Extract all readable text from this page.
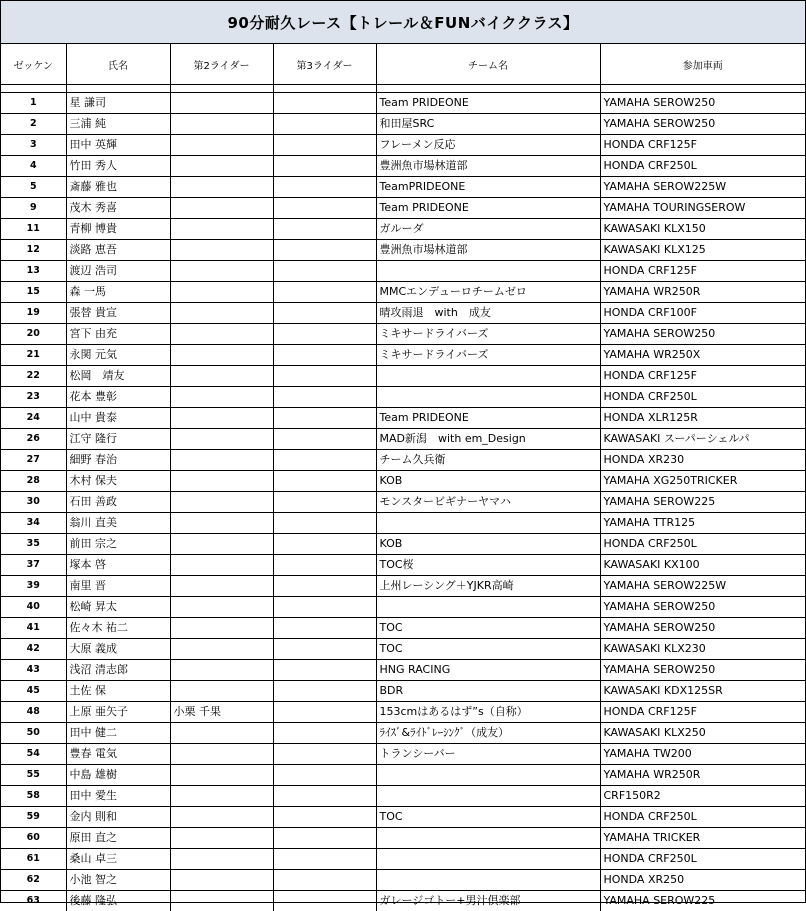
90分耐久レース【トレール＆FUNバイククラス】
ゼッケン	氏名	第2ライダー	第3ライダー	チーム名	参加車両

1	星 謙司			Team PRIDEONE	YAMAHA SEROW250
2	三浦 純			和田屋SRC	YAMAHA SEROW250
3	田中 英輝			フレーメン反応	HONDA CRF125F
4	竹田 秀人			豊洲魚市場林道部	HONDA CRF250L
5	斎藤 雅也			TeamPRIDEONE	YAMAHA SEROW225W
9	茂木 秀喜			Team PRIDEONE	YAMAHA TOURINGSEROW
11	青柳 博貴			ガルーダ	KAWASAKI KLX150
12	淡路 恵吾			豊洲魚市場林道部	KAWASAKI KLX125
13	渡辺 浩司				HONDA CRF125F
15	森 一馬			MMCエンデューロチームゼロ	YAMAHA WR250R
19	張替 貴宣			晴攻雨退　with　成友	HONDA CRF100F
20	宮下 由充			ミキサードライバーズ	YAMAHA SEROW250
21	永関 元気			ミキサードライバーズ	YAMAHA WR250X
22	松岡　靖友				HONDA CRF125F
23	花本 豊彰				HONDA CRF250L
24	山中 貴泰			Team PRIDEONE	HONDA XLR125R
26	江守 隆行			MAD新潟　with em_Design	KAWASAKI スーパーシェルパ
27	細野 春治			チーム久兵衛	HONDA XR230
28	木村 保夫			KOB	YAMAHA XG250TRICKER
30	石田 善政			モンスタービギナーヤマハ	YAMAHA SEROW225
34	翁川 直美				YAMAHA TTR125
35	前田 宗之			KOB	HONDA CRF250L
37	塚本 啓			TOC桜	KAWASAKI KX100
39	南里 晋			上州レーシング＋YJKR高崎	YAMAHA SEROW225W
40	松崎 昇太				YAMAHA SEROW250
41	佐々木 祐二			TOC	YAMAHA SEROW250
42	大原 義成			TOC	KAWASAKI KLX230
43	浅沼 清志郎			HNG RACING	YAMAHA SEROW250
45	土佐 保			BDR	KAWASAKI KDX125SR
48	上原 亜矢子	小栗 千果		153cmはあるはず”s（自称）	HONDA CRF125F
50	田中 健二			ﾗｲｽﾞ&ﾗｲﾄﾞﾚｰｼﾝｸﾞ（成友）	KAWASAKI KLX250
54	豊春 電気			トランシーバー	YAMAHA TW200
55	中島 雄樹				YAMAHA WR250R
58	田中 愛生				CRF150R2
59	金内 則和			TOC	HONDA CRF250L
60	原田 直之				YAMAHA TRICKER
61	桑山 卓三				HONDA CRF250L
62	小池 智之				HONDA XR250
63	後藤 隆弘			ガレージゴトー+男汁倶楽部	YAMAHA SEROW225
